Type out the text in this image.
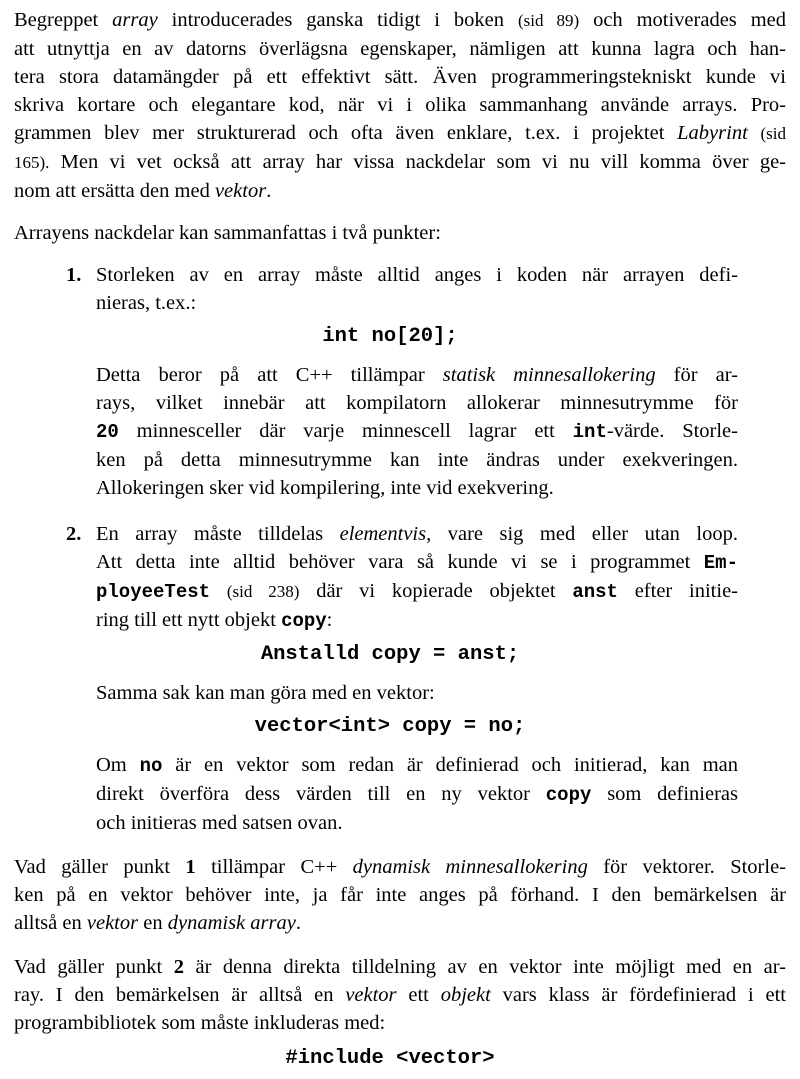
Begreppet array introducerades ganska tidigt i boken (sid 89) och motiverades med
att utnyttja en av datorns överlägsna egenskaper, nämligen att kunna lagra och han-
tera stora datamängder på ett effektivt sätt. Även programmeringstekniskt kunde vi
skriva kortare och elegantare kod, när vi i olika sammanhang använde arrays. Pro-
grammen blev mer strukturerad och ofta även enklare, t.ex. i projektet Labyrint (sid
165). Men vi vet också att array har vissa nackdelar som vi nu vill komma över ge-
nom att ersätta den med vektor.
Arrayens nackdelar kan sammanfattas i två punkter:
1. Storleken av en array måste alltid anges i koden när arrayen defi-
nieras, t.ex.:
int no[20];
Detta beror på att C++ tillämpar statisk minnesallokering för ar-
rays, vilket innebär att kompilatorn allokerar minnesutrymme för
20 minnesceller där varje minnescell lagrar ett int-värde. Storle-
ken på detta minnesutrymme kan inte ändras under exekveringen.
Allokeringen sker vid kompilering, inte vid exekvering.
2. En array måste tilldelas elementvis, vare sig med eller utan loop.
Att detta inte alltid behöver vara så kunde vi se i programmet Em-
ployeeTest (sid 238) där vi kopierade objektet anst efter initie-
ring till ett nytt objekt copy:
Anstalld copy = anst;
Samma sak kan man göra med en vektor:
vector<int> copy = no;
Om no är en vektor som redan är definierad och initierad, kan man
direkt överföra dess värden till en ny vektor copy som definieras
och initieras med satsen ovan.
Vad gäller punkt 1 tillämpar C++ dynamisk minnesallokering för vektorer. Storle-
ken på en vektor behöver inte, ja får inte anges på förhand. I den bemärkelsen är
alltså en vektor en dynamisk array.
Vad gäller punkt 2 är denna direkta tilldelning av en vektor inte möjligt med en ar-
ray. I den bemärkelsen är alltså en vektor ett objekt vars klass är fördefinierad i ett
programbibliotek som måste inkluderas med:
#include <vector>
